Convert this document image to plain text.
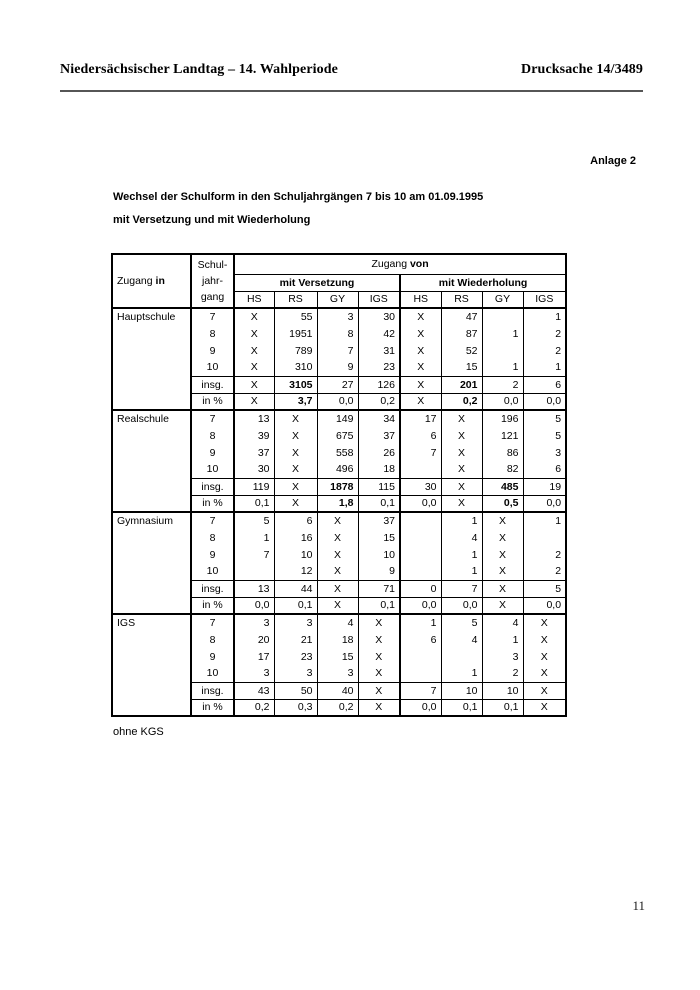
Niedersächsischer Landtag – 14. Wahlperiode	Drucksache 14/3489
Anlage 2
Wechsel der Schulform in den Schuljahrgängen 7 bis 10 am 01.09.1995
mit Versetzung und mit Wiederholung
Zugang in	Schul-
jahr-
gang	Zugang von							
		mit Versetzung				mit Wiederholung			
		HS	RS	GY	IGS	HS	RS	GY	IGS
Hauptschule	7	X	55	3	30	X	47		1
	8	X	1951	8	42	X	87	1	2
	9	X	789	7	31	X	52		2
	10	X	310	9	23	X	15	1	1
	insg.	X	3105	27	126	X	201	2	6
	in %	X	3,7	0,0	0,2	X	0,2	0,0	0,0
Realschule	7	13	X	149	34	17	X	196	5
	8	39	X	675	37	6	X	121	5
	9	37	X	558	26	7	X	86	3
	10	30	X	496	18		X	82	6
	insg.	119	X	1878	115	30	X	485	19
	in %	0,1	X	1,8	0,1	0,0	X	0,5	0,0
Gymnasium	7	5	6	X	37		1	X	1
	8	1	16	X	15		4	X	
	9	7	10	X	10		1	X	2
	10		12	X	9		1	X	2
	insg.	13	44	X	71	0	7	X	5
	in %	0,0	0,1	X	0,1	0,0	0,0	X	0,0
IGS	7	3	3	4	X	1	5	4	X
	8	20	21	18	X	6	4	1	X
	9	17	23	15	X			3	X
	10	3	3	3	X		1	2	X
	insg.	43	50	40	X	7	10	10	X
	in %	0,2	0,3	0,2	X	0,0	0,1	0,1	X
ohne KGS
11
